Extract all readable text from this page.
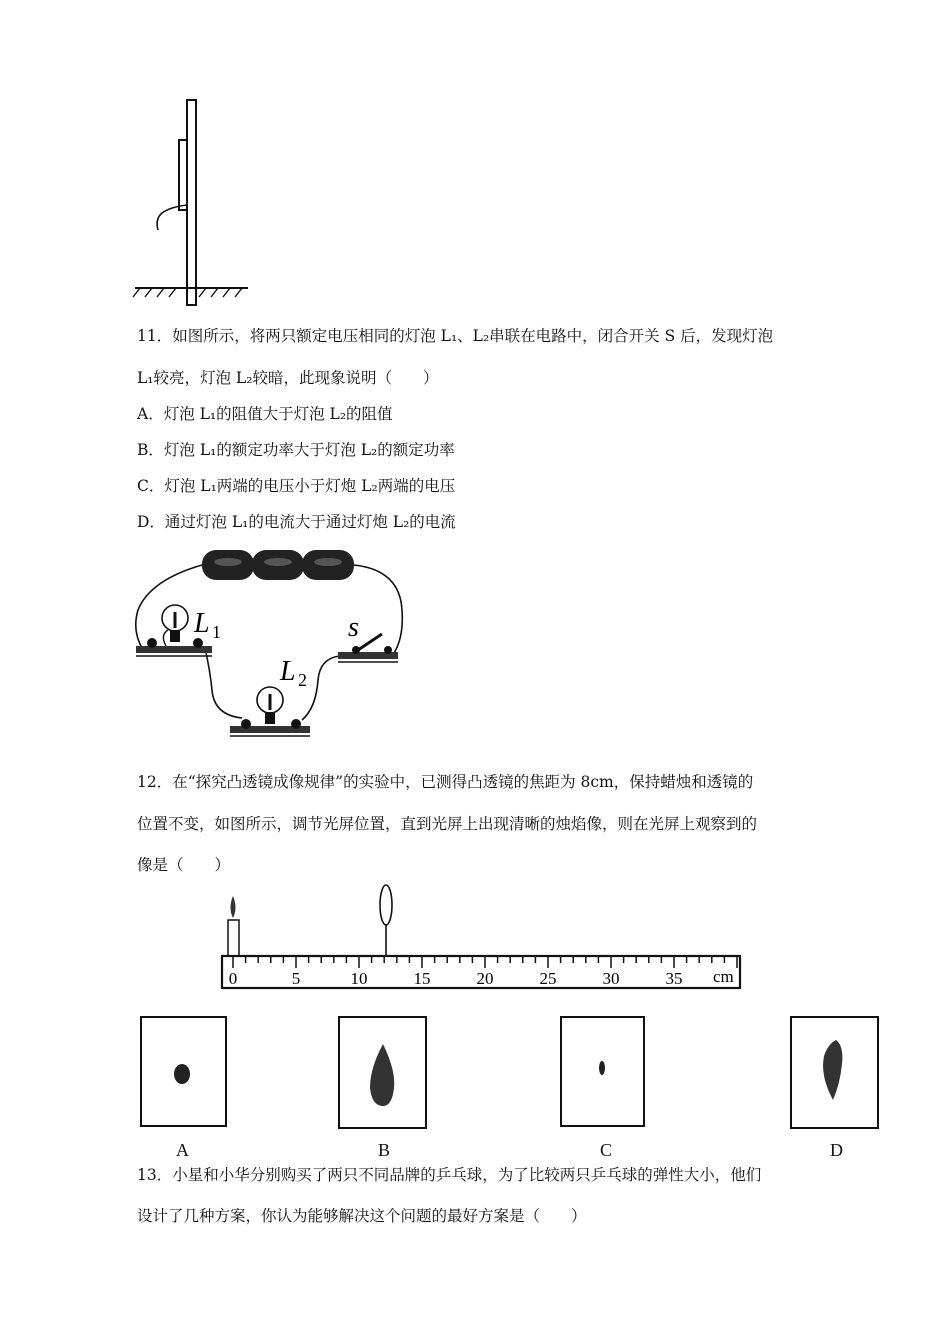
11．如图所示，将两只额定电压相同的灯泡 L₁、L₂串联在电路中，闭合开关 S 后，发现灯泡
L₁较亮，灯泡 L₂较暗，此现象说明（　　）
A．灯泡 L₁的阻值大于灯泡 L₂的阻值
B．灯泡 L₁的额定功率大于灯泡 L₂的额定功率
C．灯泡 L₁两端的电压小于灯炮 L₂两端的电压
D．通过灯泡 L₁的电流大于通过灯炮 L₂的电流
L 1
L 2
s
12．在“探究凸透镜成像规律”的实验中，已测得凸透镜的焦距为 8cm，保持蜡烛和透镜的
位置不变，如图所示，调节光屏位置，直到光屏上出现清晰的烛焰像，则在光屏上观察到的
像是（　　）
0	5	10	15	20	25	30	35 cm
A	B	C	D
13．小星和小华分别购买了两只不同品牌的乒乓球，为了比较两只乒乓球的弹性大小，他们
设计了几种方案，你认为能够解决这个问题的最好方案是（　　）
